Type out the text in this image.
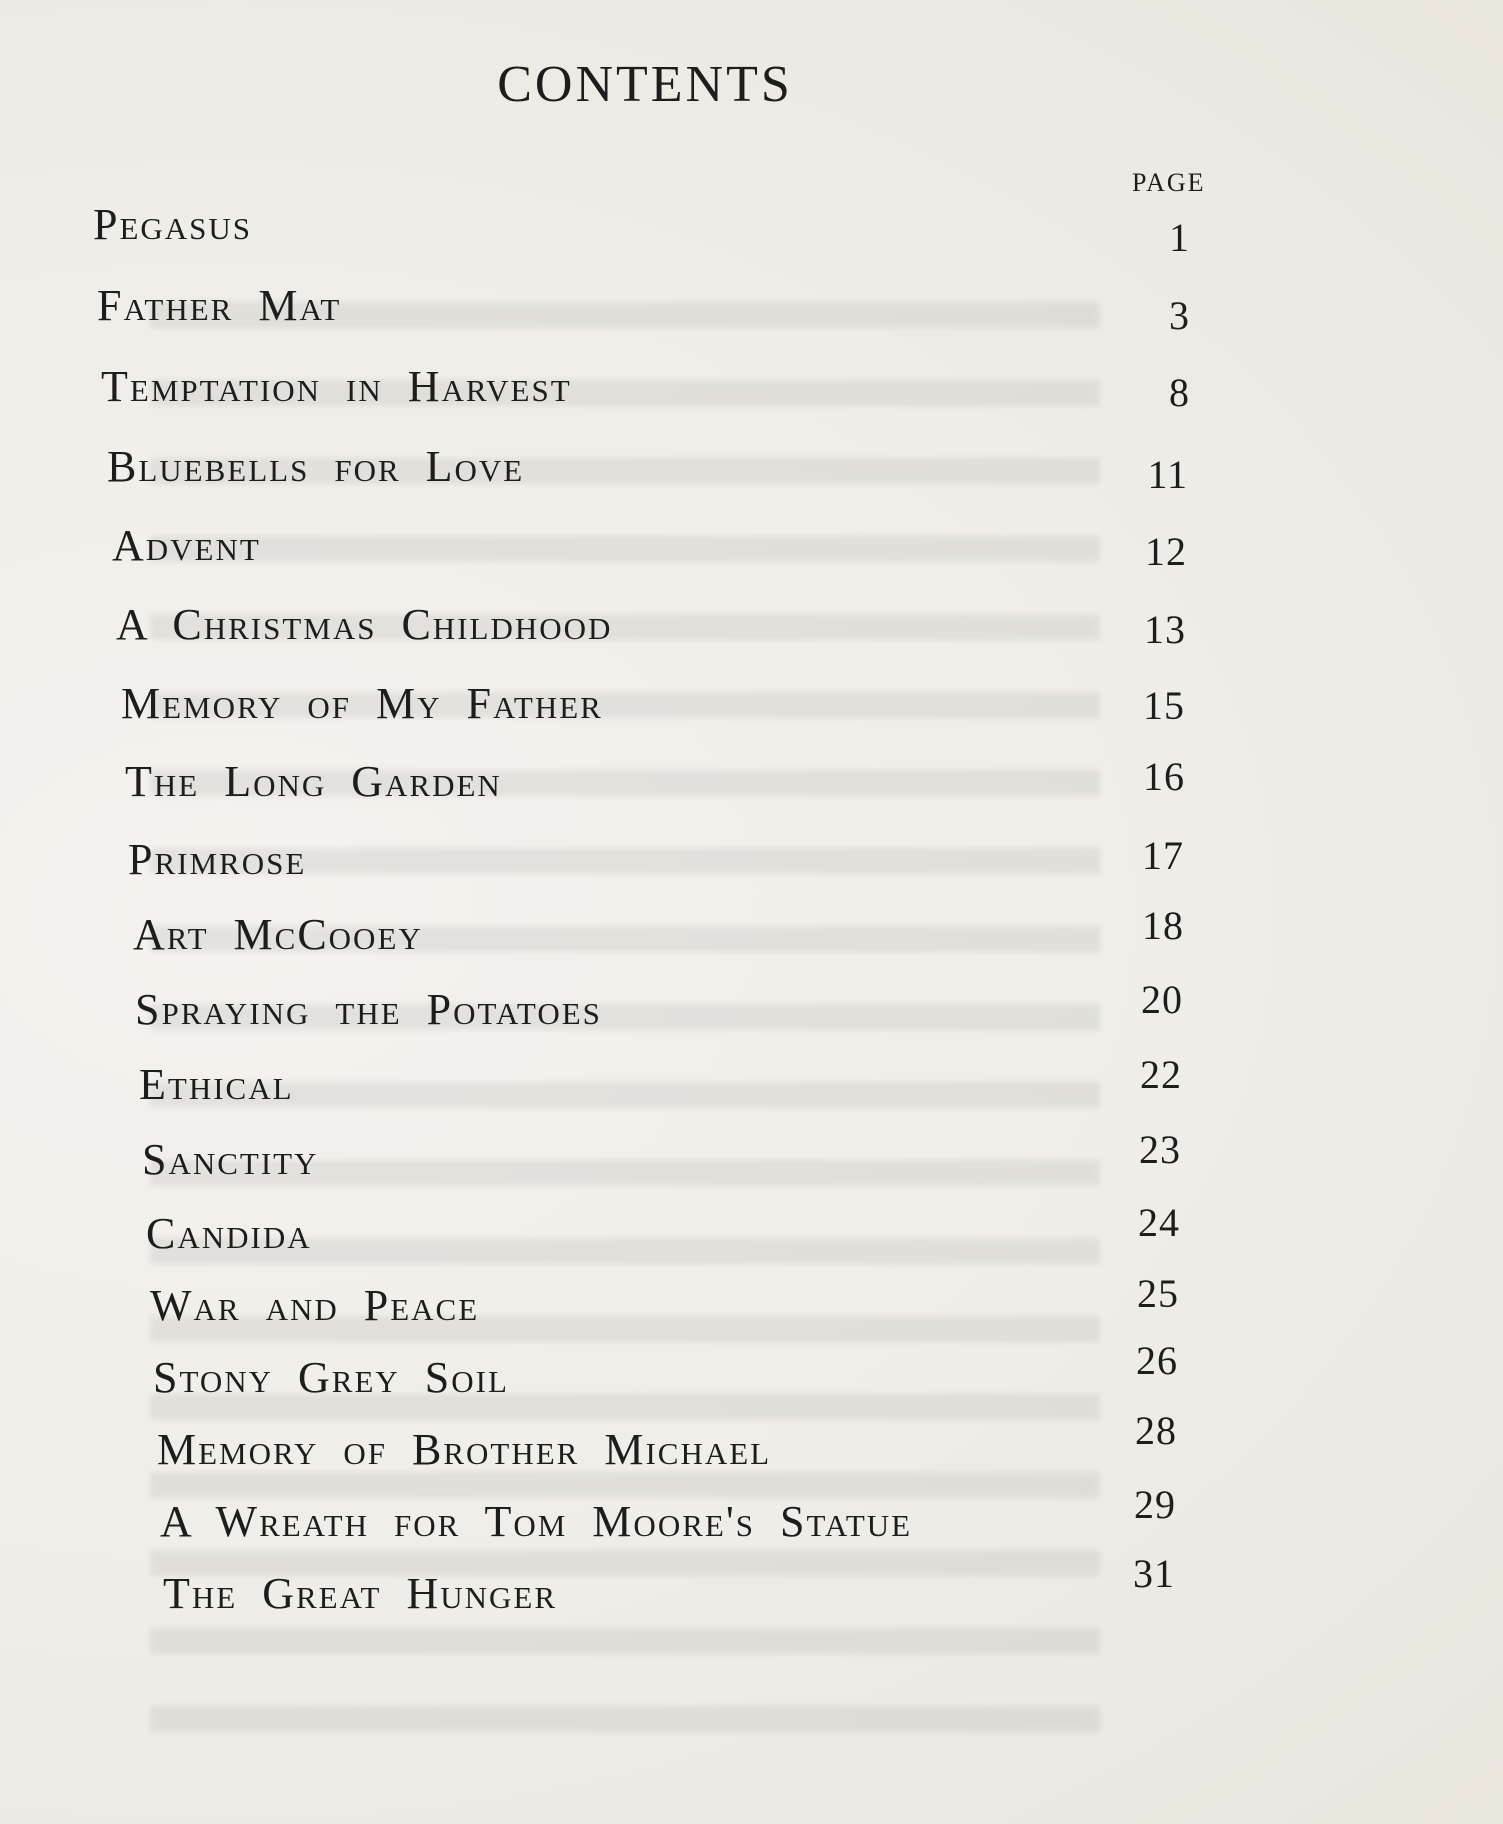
CONTENTS
PAGE
Pegasus	1
Father Mat	3
Temptation in Harvest	8
Bluebells for Love	11
Advent	12
A Christmas Childhood	13
Memory of My Father	15
The Long Garden	16
Primrose	17
Art McCooey	18
Spraying the Potatoes	20
Ethical	22
Sanctity	23
Candida	24
War and Peace	25
Stony Grey Soil	26
Memory of Brother Michael	28
A Wreath for Tom Moore's Statue	29
The Great Hunger	31
